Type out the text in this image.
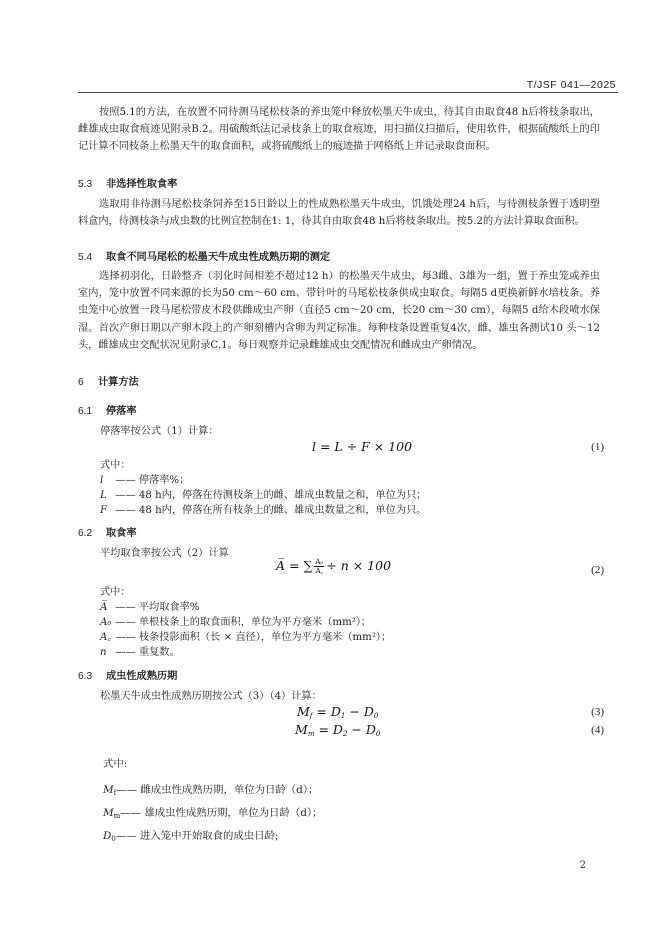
T/JSF 041—2025
按照5.1的方法，在放置不同待测马尾松枝条的养虫笼中释放松墨天牛成虫，待其自由取食48 h后将枝条取出，雌雄成虫取食痕迹见附录B.2。用硫酸纸法记录枝条上的取食痕迹，用扫描仪扫描后，使用软件，根据硫酸纸上的印记计算不同枝条上松墨天牛的取食面积，或将硫酸纸上的痕迹描于网格纸上并记录取食面积。
5.3 非选择性取食率
选取用非待测马尾松枝条饲养至15日龄以上的性成熟松墨天牛成虫，饥饿处理24 h后，与待测枝条置于透明塑料盒内，待测枝条与成虫数的比例宜控制在1: 1，待其自由取食48 h后将枝条取出。按5.2的方法计算取食面积。
5.4 取食不同马尾松的松墨天牛成虫性成熟历期的测定
选择初羽化，日龄整齐（羽化时间相差不超过12 h）的松墨天牛成虫，每3雌、3雄为一组，置于养虫笼或养虫室内，笼中放置不同来源的长为50 cm～60 cm、带针叶的马尾松枝条供成虫取食。每隔5 d更换新鲜水培枝条。养虫笼中心放置一段马尾松带皮木段供雌成虫产卵（直径5 cm～20 cm，长20 cm～30 cm），每隔5 d给木段喷水保湿。首次产卵日期以产卵木段上的产卵刻槽内含卵为判定标准。每种枝条设置重复4次，雌、雄虫各测试10 头～12 头，雌雄成虫交配状况见附录C.1。每日观察并记录雌雄成虫交配情况和雌成虫产卵情况。
6 计算方法
6.1 停落率
停落率按公式（1）计算：
l = L ÷ F × 100	(1)
式中：
l —— 停落率%；
L —— 48 h内，停落在待测枝条上的雌、雄成虫数量之和，单位为只；
F —— 48 h内，停落在所有枝条上的雌、雄成虫数量之和，单位为只。
6.2 取食率
平均取食率按公式（2）计算
A̅ = ∑ $\frac{\text{A₀}}{A꜀} \div n \times 100$	(2)
式中：
A̅ —— 平均取食率%
A₀ —— 单根枝条上的取食面积，单位为平方毫米（mm²）；
A꜀ —— 枝条投影面积（长 × 直径），单位为平方毫米（mm²）；
n —— 重复数。
6.3 成虫性成熟历期
松墨天牛成虫性成熟历期按公式（3）（4）计算：
$M_f = D_1 - D_0$	(3)
$M_m = D_2 - D_0$	(4)
式中:
$M_f——$ 雌成虫性成熟历期，单位为日龄（d）；
$M_m——$ 雄成虫性成熟历期，单位为日龄（d）；
$D_0——$ 进入笼中开始取食的成虫日龄;
2
